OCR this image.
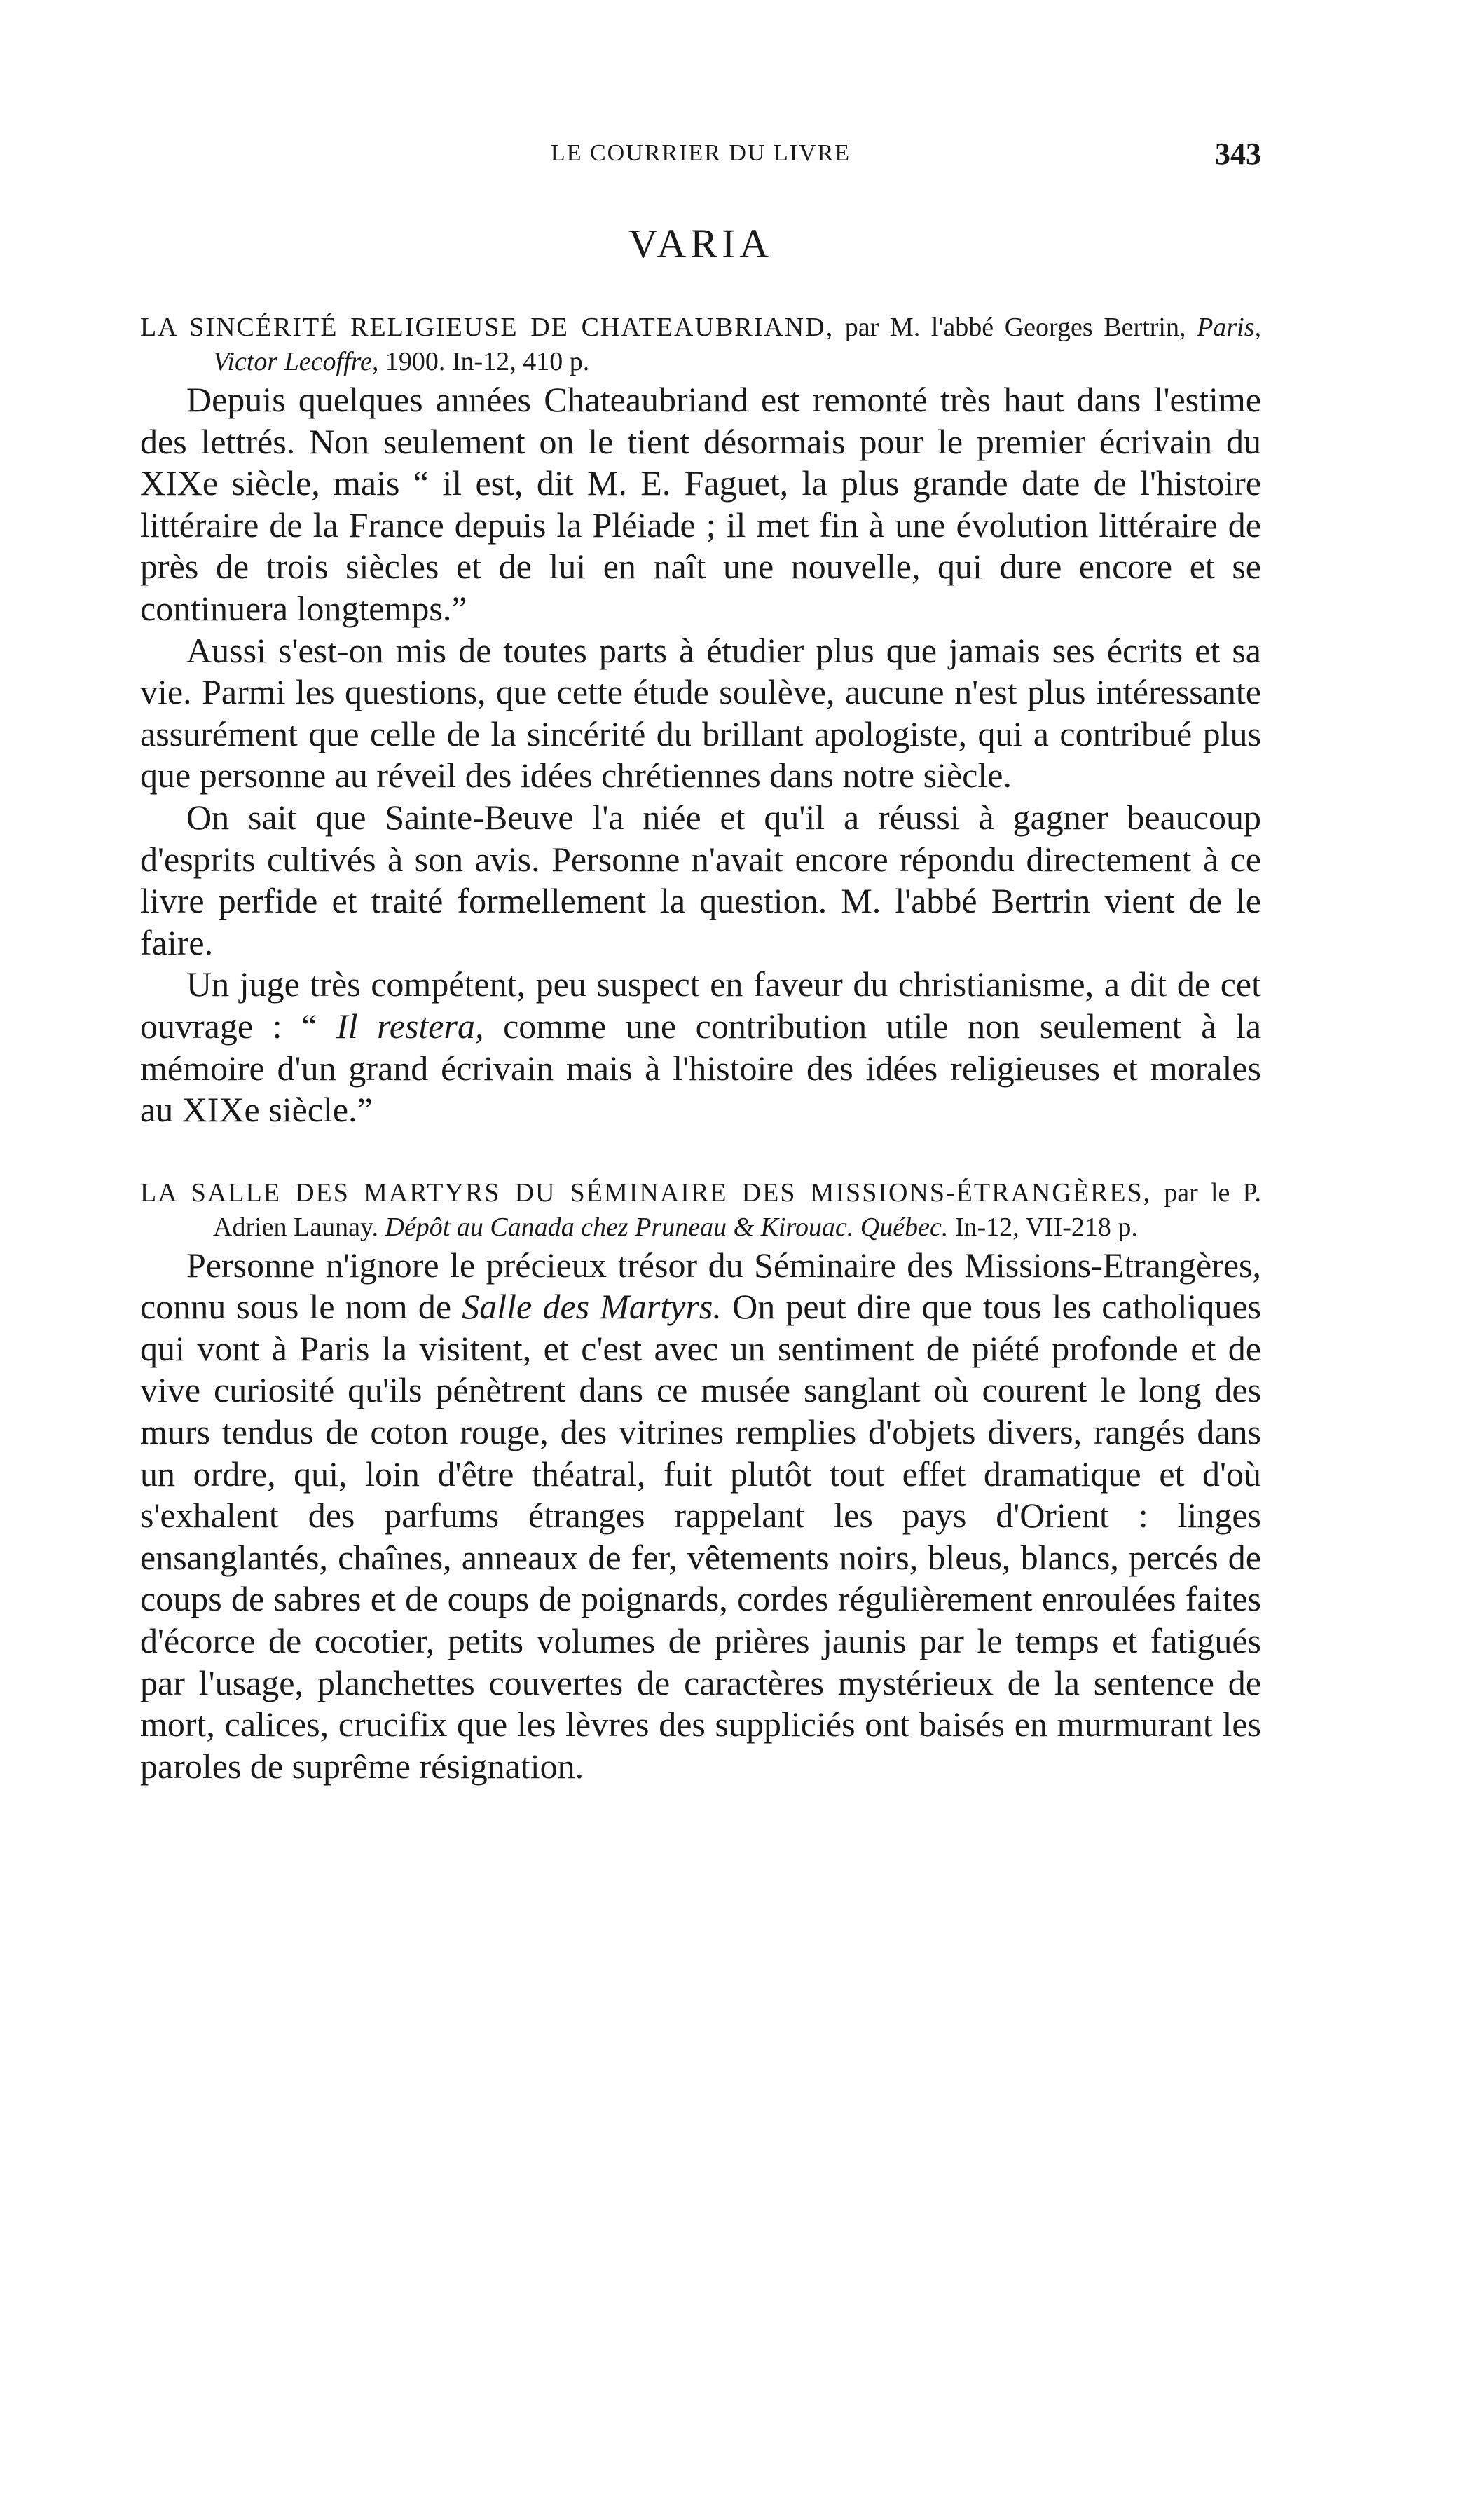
LE COURRIER DU LIVRE	343
VARIA

LA SINCÉRITÉ RELIGIEUSE DE CHATEAUBRIAND, par M. l'abbé Georges Bertrin, Paris, Victor Lecoffre, 1900. In-12, 410 p.

Depuis quelques années Chateaubriand est remonté très haut dans l'estime des lettrés. Non seulement on le tient désormais pour le premier écrivain du XIXe siècle, mais “ il est, dit M. E. Faguet, la plus grande date de l'histoire littéraire de la France depuis la Pléiade ; il met fin à une évolution littéraire de près de trois siècles et de lui en naît une nouvelle, qui dure encore et se continuera longtemps.”

Aussi s'est-on mis de toutes parts à étudier plus que jamais ses écrits et sa vie. Parmi les questions, que cette étude soulève, aucune n'est plus intéressante assurément que celle de la sincérité du brillant apologiste, qui a contribué plus que personne au réveil des idées chrétiennes dans notre siècle.

On sait que Sainte-Beuve l'a niée et qu'il a réussi à gagner beaucoup d'esprits cultivés à son avis. Personne n'avait encore répondu directement à ce livre perfide et traité formellement la question. M. l'abbé Bertrin vient de le faire.

Un juge très compétent, peu suspect en faveur du christianisme, a dit de cet ouvrage : “ Il restera, comme une contribution utile non seulement à la mémoire d'un grand écrivain mais à l'histoire des idées religieuses et morales au XIXe siècle.”

LA SALLE DES MARTYRS DU SÉMINAIRE DES MISSIONS-ÉTRANGÈRES, par le P. Adrien Launay. Dépôt au Canada chez Pruneau & Kirouac. Québec. In-12, VII-218 p.

Personne n'ignore le précieux trésor du Séminaire des Missions-Etrangères, connu sous le nom de Salle des Martyrs. On peut dire que tous les catholiques qui vont à Paris la visitent, et c'est avec un sentiment de piété profonde et de vive curiosité qu'ils pénètrent dans ce musée sanglant où courent le long des murs tendus de coton rouge, des vitrines remplies d'objets divers, rangés dans un ordre, qui, loin d'être théatral, fuit plutôt tout effet dramatique et d'où s'exhalent des parfums étranges rappelant les pays d'Orient : linges ensanglantés, chaînes, anneaux de fer, vêtements noirs, bleus, blancs, percés de coups de sabres et de coups de poignards, cordes régulièrement enroulées faites d'écorce de cocotier, petits volumes de prières jaunis par le temps et fatigués par l'usage, planchettes couvertes de caractères mystérieux de la sentence de mort, calices, crucifix que les lèvres des suppliciés ont baisés en murmurant les paroles de suprême résignation.
